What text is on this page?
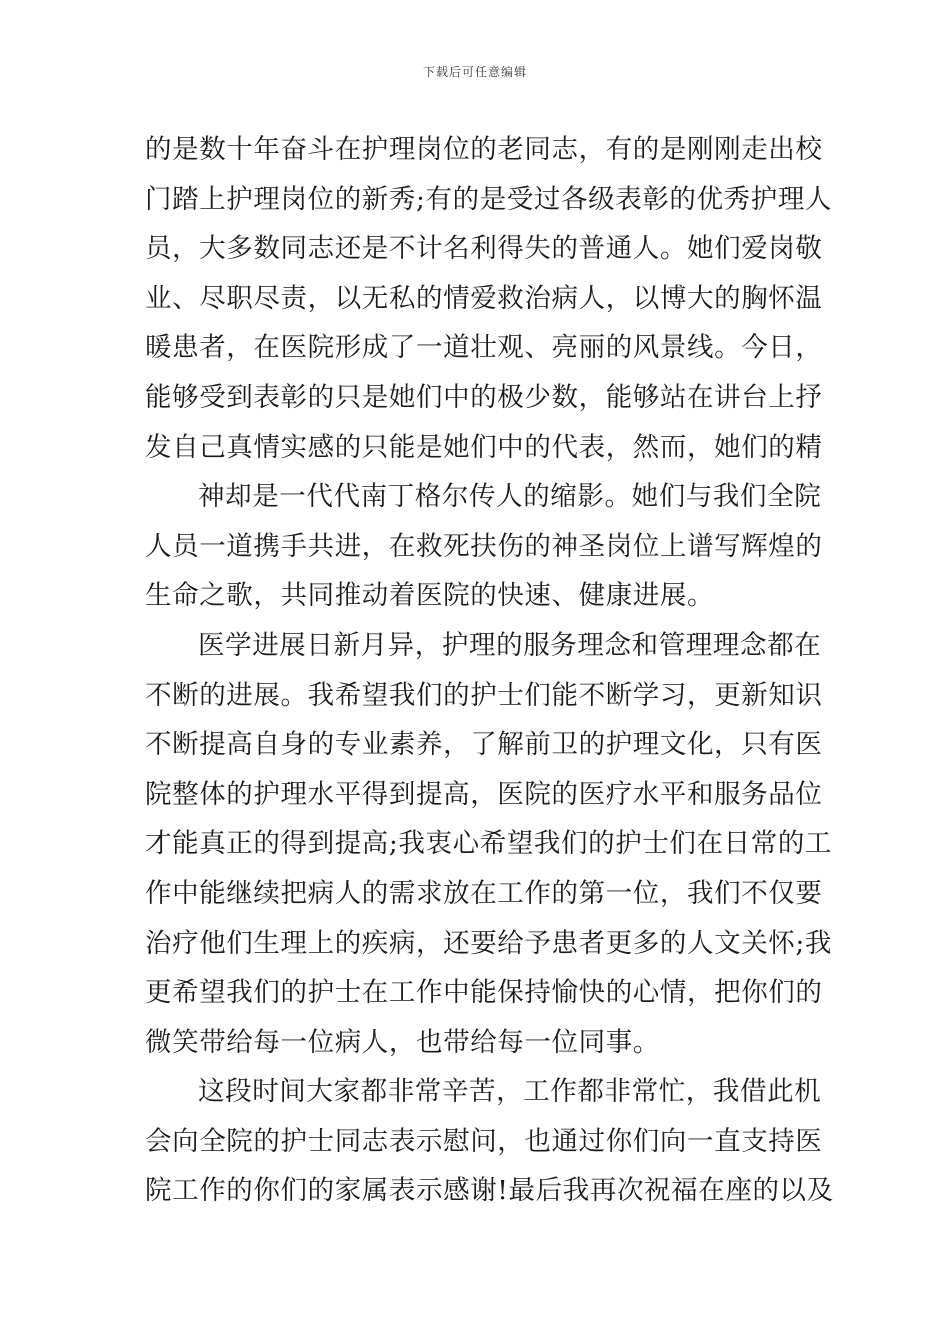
下载后可任意编辑
的是数十年奋斗在护理岗位的老同志，有的是刚刚走出校
门踏上护理岗位的新秀;有的是受过各级表彰的优秀护理人
员，大多数同志还是不计名利得失的普通人。她们爱岗敬
业、尽职尽责，以无私的情爱救治病人，以博大的胸怀温
暖患者，在医院形成了一道壮观、亮丽的风景线。今日，
能够受到表彰的只是她们中的极少数，能够站在讲台上抒
发自己真情实感的只能是她们中的代表，然而，她们的精
神却是一代代南丁格尔传人的缩影。她们与我们全院
人员一道携手共进，在救死扶伤的神圣岗位上谱写辉煌的
生命之歌，共同推动着医院的快速、健康进展。
医学进展日新月异，护理的服务理念和管理理念都在
不断的进展。我希望我们的护士们能不断学习，更新知识
不断提高自身的专业素养，了解前卫的护理文化，只有医
院整体的护理水平得到提高，医院的医疗水平和服务品位
才能真正的得到提高;我衷心希望我们的护士们在日常的工
作中能继续把病人的需求放在工作的第一位，我们不仅要
治疗他们生理上的疾病，还要给予患者更多的人文关怀;我
更希望我们的护士在工作中能保持愉快的心情，把你们的
微笑带给每一位病人，也带给每一位同事。
这段时间大家都非常辛苦，工作都非常忙，我借此机
会向全院的护士同志表示慰问，也通过你们向一直支持医
院工作的你们的家属表示感谢!最后我再次祝福在座的以及
